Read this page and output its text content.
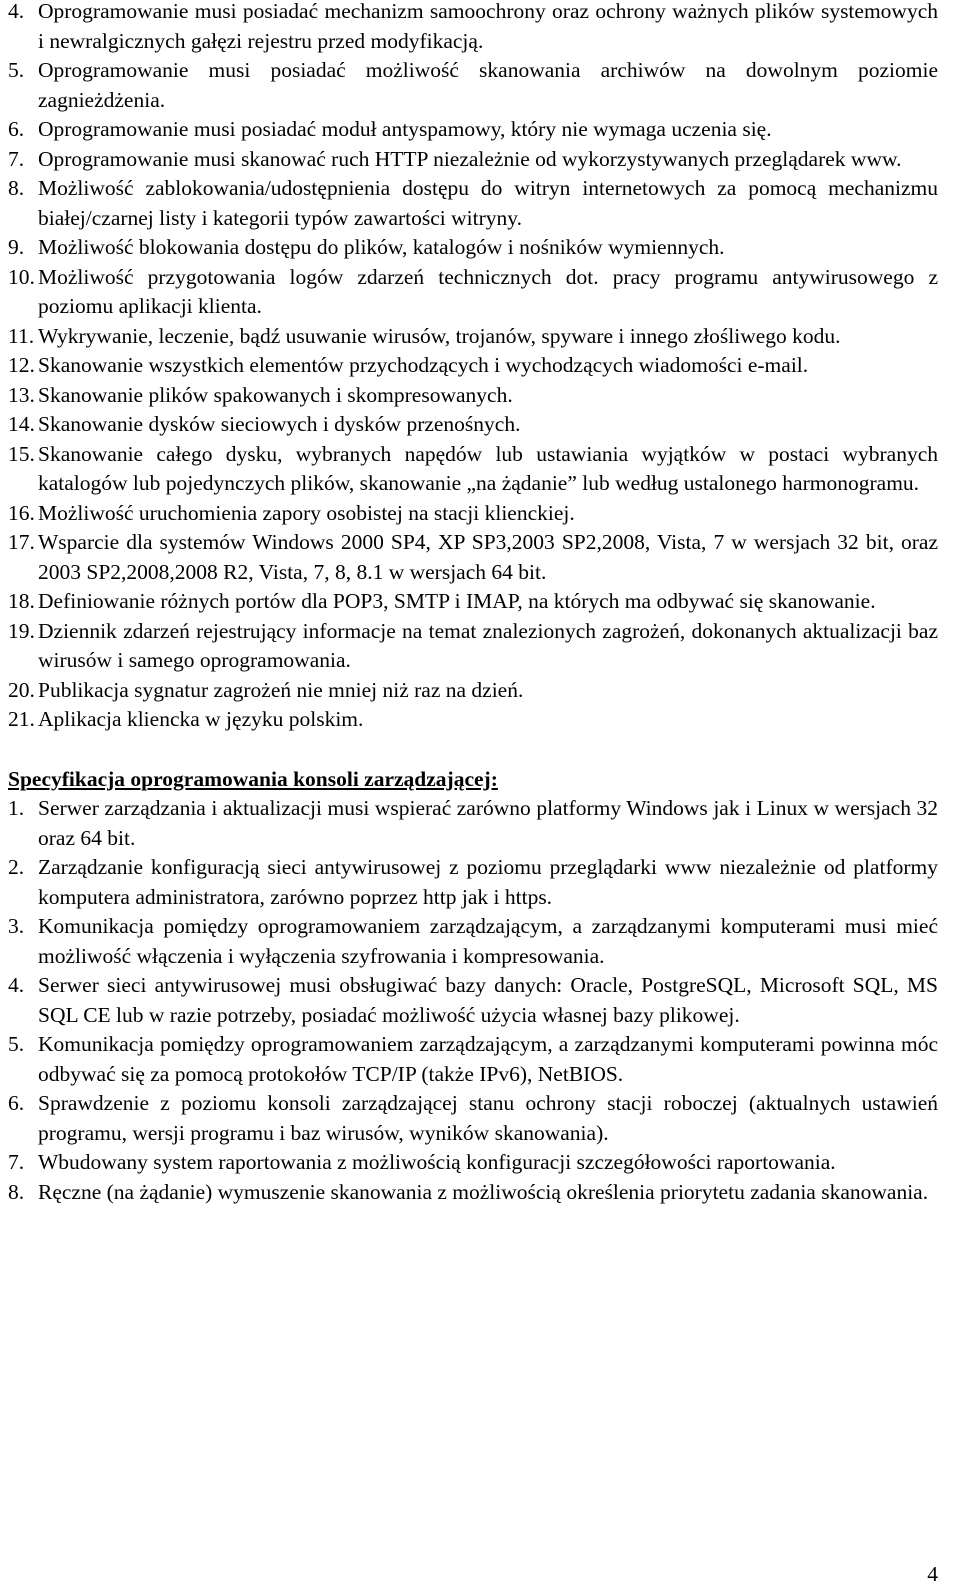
4. Oprogramowanie musi posiadać mechanizm samoochrony oraz ochrony ważnych plików systemowych i newralgicznych gałęzi rejestru przed modyfikacją.
5. Oprogramowanie musi posiadać możliwość skanowania archiwów na dowolnym poziomie zagnieżdżenia.
6. Oprogramowanie musi posiadać moduł antyspamowy, który nie wymaga uczenia się.
7. Oprogramowanie musi skanować ruch HTTP niezależnie od wykorzystywanych przeglądarek www.
8. Możliwość zablokowania/udostępnienia dostępu do witryn internetowych za pomocą mechanizmu białej/czarnej listy i kategorii typów zawartości witryny.
9. Możliwość blokowania dostępu do plików, katalogów i nośników wymiennych.
10. Możliwość przygotowania logów zdarzeń technicznych dot. pracy programu antywirusowego z poziomu aplikacji klienta.
11. Wykrywanie, leczenie, bądź usuwanie wirusów, trojanów, spyware i innego złośliwego kodu.
12. Skanowanie wszystkich elementów przychodzących i wychodzących wiadomości e-mail.
13. Skanowanie plików spakowanych i skompresowanych.
14. Skanowanie dysków sieciowych i dysków przenośnych.
15. Skanowanie całego dysku, wybranych napędów lub ustawiania wyjątków w postaci wybranych katalogów lub pojedynczych plików, skanowanie „na żądanie” lub według ustalonego harmonogramu.
16. Możliwość uruchomienia zapory osobistej na stacji klienckiej.
17. Wsparcie dla systemów Windows 2000 SP4, XP SP3,2003 SP2,2008, Vista, 7 w wersjach 32 bit, oraz 2003 SP2,2008,2008 R2, Vista, 7, 8, 8.1 w wersjach 64 bit.
18. Definiowanie różnych portów dla POP3, SMTP i IMAP, na których ma odbywać się skanowanie.
19. Dziennik zdarzeń rejestrujący informacje na temat znalezionych zagrożeń, dokonanych aktualizacji baz wirusów i samego oprogramowania.
20. Publikacja sygnatur zagrożeń nie mniej niż raz na dzień.
21. Aplikacja kliencka w języku polskim.
Specyfikacja oprogramowania konsoli zarządzającej:
1. Serwer zarządzania i aktualizacji musi wspierać zarówno platformy Windows jak i Linux w wersjach 32 oraz 64 bit.
2. Zarządzanie konfiguracją sieci antywirusowej z poziomu przeglądarki www niezależnie od platformy komputera administratora, zarówno poprzez http jak i https.
3. Komunikacja pomiędzy oprogramowaniem zarządzającym, a zarządzanymi komputerami musi mieć możliwość włączenia i wyłączenia szyfrowania i kompresowania.
4. Serwer sieci antywirusowej musi obsługiwać bazy danych: Oracle, PostgreSQL, Microsoft SQL, MS SQL CE lub w razie potrzeby, posiadać możliwość użycia własnej bazy plikowej.
5. Komunikacja pomiędzy oprogramowaniem zarządzającym, a zarządzanymi komputerami powinna móc odbywać się za pomocą protokołów TCP/IP (także IPv6), NetBIOS.
6. Sprawdzenie z poziomu konsoli zarządzającej stanu ochrony stacji roboczej (aktualnych ustawień programu, wersji programu i baz wirusów, wyników skanowania).
7. Wbudowany system raportowania z możliwością konfiguracji szczegółowości raportowania.
8. Ręczne (na żądanie) wymuszenie skanowania z możliwością określenia priorytetu zadania skanowania.
4
